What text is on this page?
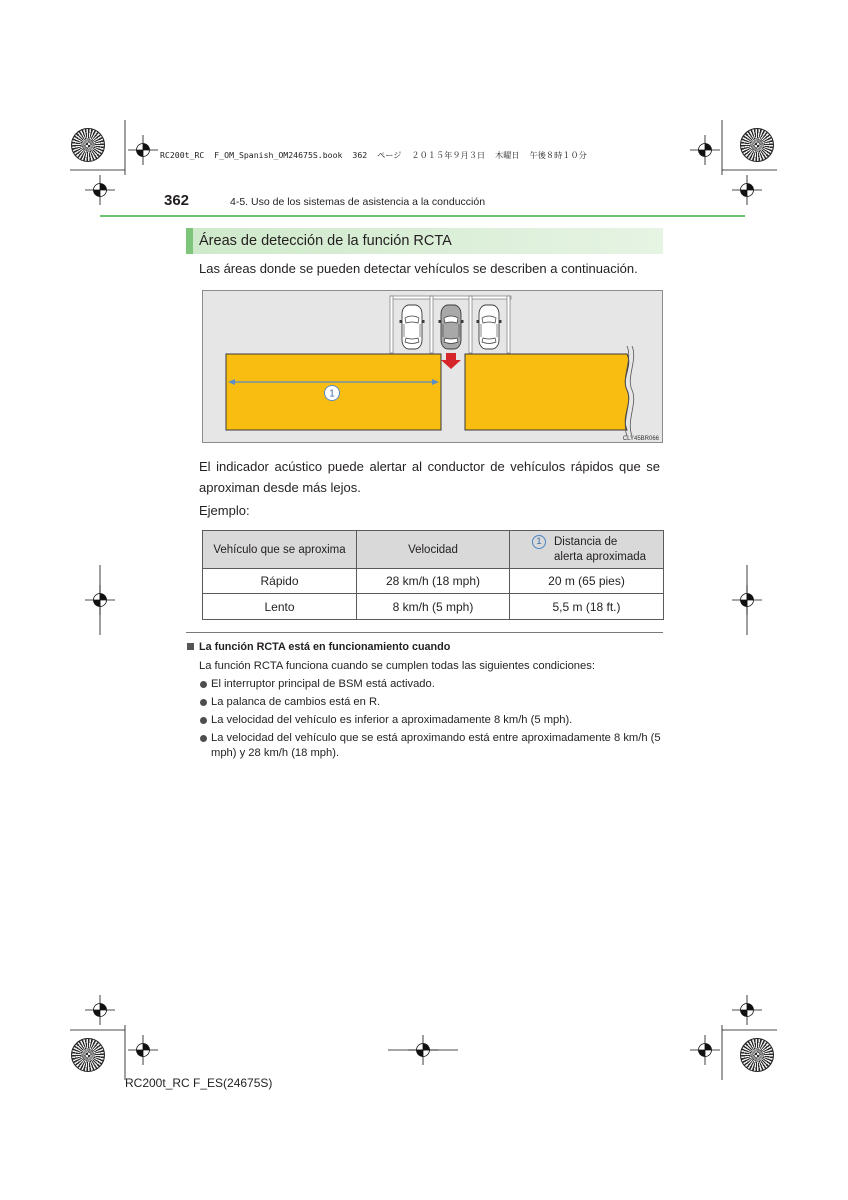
RC200t_RC F_OM_Spanish_OM24675S.book 362 ページ ２０１５年９月３日 木曜日 午後８時１０分
362	4-5. Uso de los sistemas de asistencia a la conducción
Áreas de detección de la función RCTA
Las áreas donde se pueden detectar vehículos se describen a continuación.
1
CLY45BR066
El indicador acústico puede alertar al conductor de vehículos rápidos que se aproximan desde más lejos.
Ejemplo:
Vehículo que se aproxima	Velocidad	1 Distancia de
alerta aproximada

Rápido	28 km/h (18 mph)	20 m (65 pies)
Lento	8 km/h (5 mph)	5,5 m (18 ft.)
La función RCTA está en funcionamiento cuando
La función RCTA funciona cuando se cumplen todas las siguientes condiciones:
El interruptor principal de BSM está activado.
La palanca de cambios está en R.
La velocidad del vehículo es inferior a aproximadamente 8 km/h (5 mph).
La velocidad del vehículo que se está aproximando está entre aproximadamente 8 km/h (5 mph) y 28 km/h (18 mph).
RC200t_RC F_ES(24675S)
